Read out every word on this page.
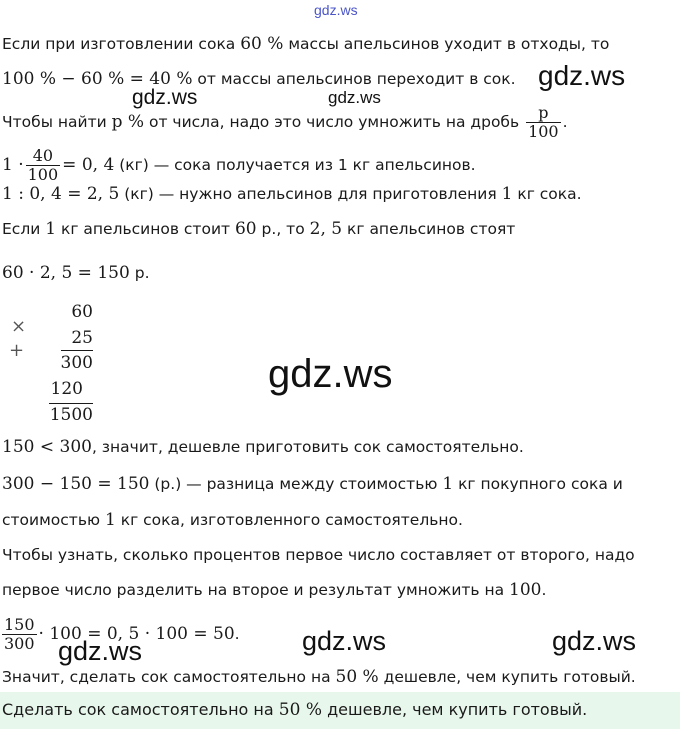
gdz.ws
Если при изготовлении сока 60 % массы апельсинов уходит в отходы, то
100 % − 60 % = 40 % от массы апельсинов переходит в сок. gdz.ws
gdz.ws	gdz.ws
Чтобы найти p % от числа, надо это число умножить на дробь $\frac{p}{100}$ .
$1 \cdot \frac{40}{100} = 0$, 4 (кг) — сока получается из 1 кг апельсинов.
1 : 0, 4 = 2, 5 (кг) — нужно апельсинов для приготовления 1 кг сока.
Если 1 кг апельсинов стоит 60 р., то 2, 5 кг апельсинов стоят
60 · 2, 5 = 150 р.
×
+
60
25
300
120
1500
gdz.ws
150 < 300, значит, дешевле приготовить сок самостоятельно.
300 − 150 = 150 (р.) — разница между стоимостью 1 кг покупного сока и
стоимостью 1 кг сока, изготовленного самостоятельно.
Чтобы узнать, сколько процентов первое число составляет от второго, надо
первое число разделить на второе и результат умножить на 100.
$\frac{150}{300} \cdot 100 = 0$, 5 · 100 = 50. gdz.ws	gdz.ws
gdz.ws
Значит, сделать сок самостоятельно на 50 % дешевле, чем купить готовый.
Сделать сок самостоятельно на 50 % дешевле, чем купить готовый.
